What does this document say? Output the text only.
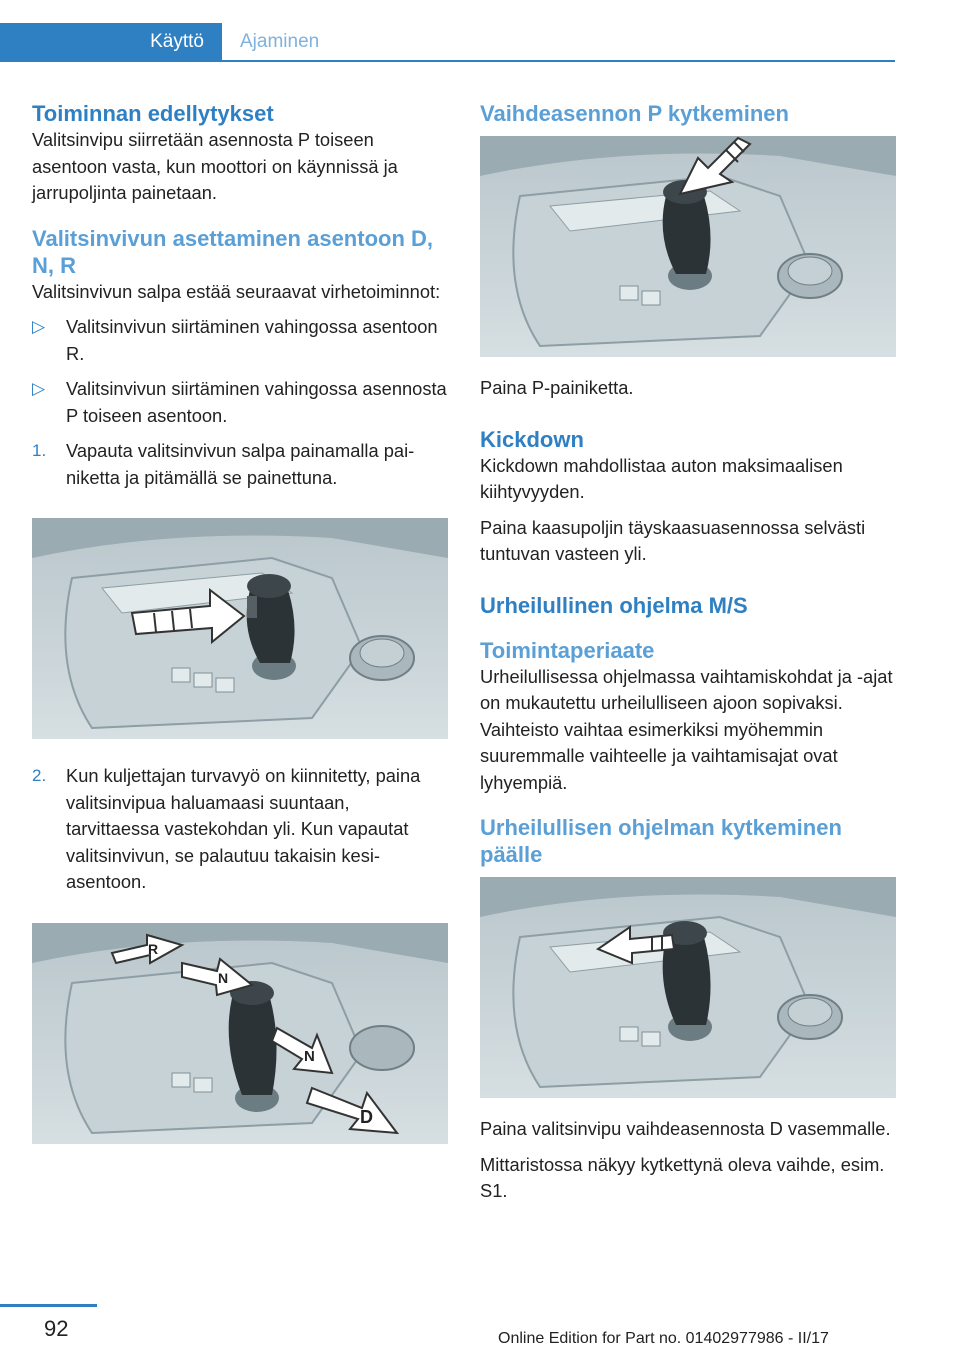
Käyttö	Ajaminen
Toiminnan edellytykset

Valitsinvipu siirretään asennosta P toiseen asentoon vasta, kun moottori on käynnissä ja jarrupoljinta painetaan.

Valitsinvivun asettaminen asentoon D, N, R

Valitsinvivun salpa estää seuraavat virhetoiminnot:

▷ Valitsinvivun siirtäminen vahingossa asentoon R.
▷ Valitsinvivun siirtäminen vahingossa asennosta P toiseen asentoon.
1. Vapauta valitsinvivun salpa painamalla painiketta ja pitämällä se painettuna.
2. Kun kuljettajan turvavyö on kiinnitetty, paina valitsinvipua haluamaasi suuntaan, tarvittaessa vastekohdan yli. Kun vapautat valitsinvivun, se palautuu takaisin kesiasentoon.
R
N
N
D
Vaihdeasennon P kytkeminen

Paina P-painiketta.

Kickdown

Kickdown mahdollistaa auton maksimaalisen kiihtyvyyden.

Paina kaasupoljin täyskaasuasennossa selvästi tuntuvan vasteen yli.

Urheilullinen ohjelma M/S
Toimintaperiaate

Urheilullisessa ohjelmassa vaihtamiskohdat ja -ajat on mukautettu urheilulliseen ajoon sopivaksi. Vaihteisto vaihtaa esimerkiksi myöhemmin suuremmalle vaihteelle ja vaihtamisajat ovat lyhyempiä.

Urheilullisen ohjelman kytkeminen päälle

Paina valitsinvipu vaihdeasennosta D vasemmalle.

Mittaristossa näkyy kytkettynä oleva vaihde, esim. S1.

92	Online Edition for Part no. 01402977986 - II/17
